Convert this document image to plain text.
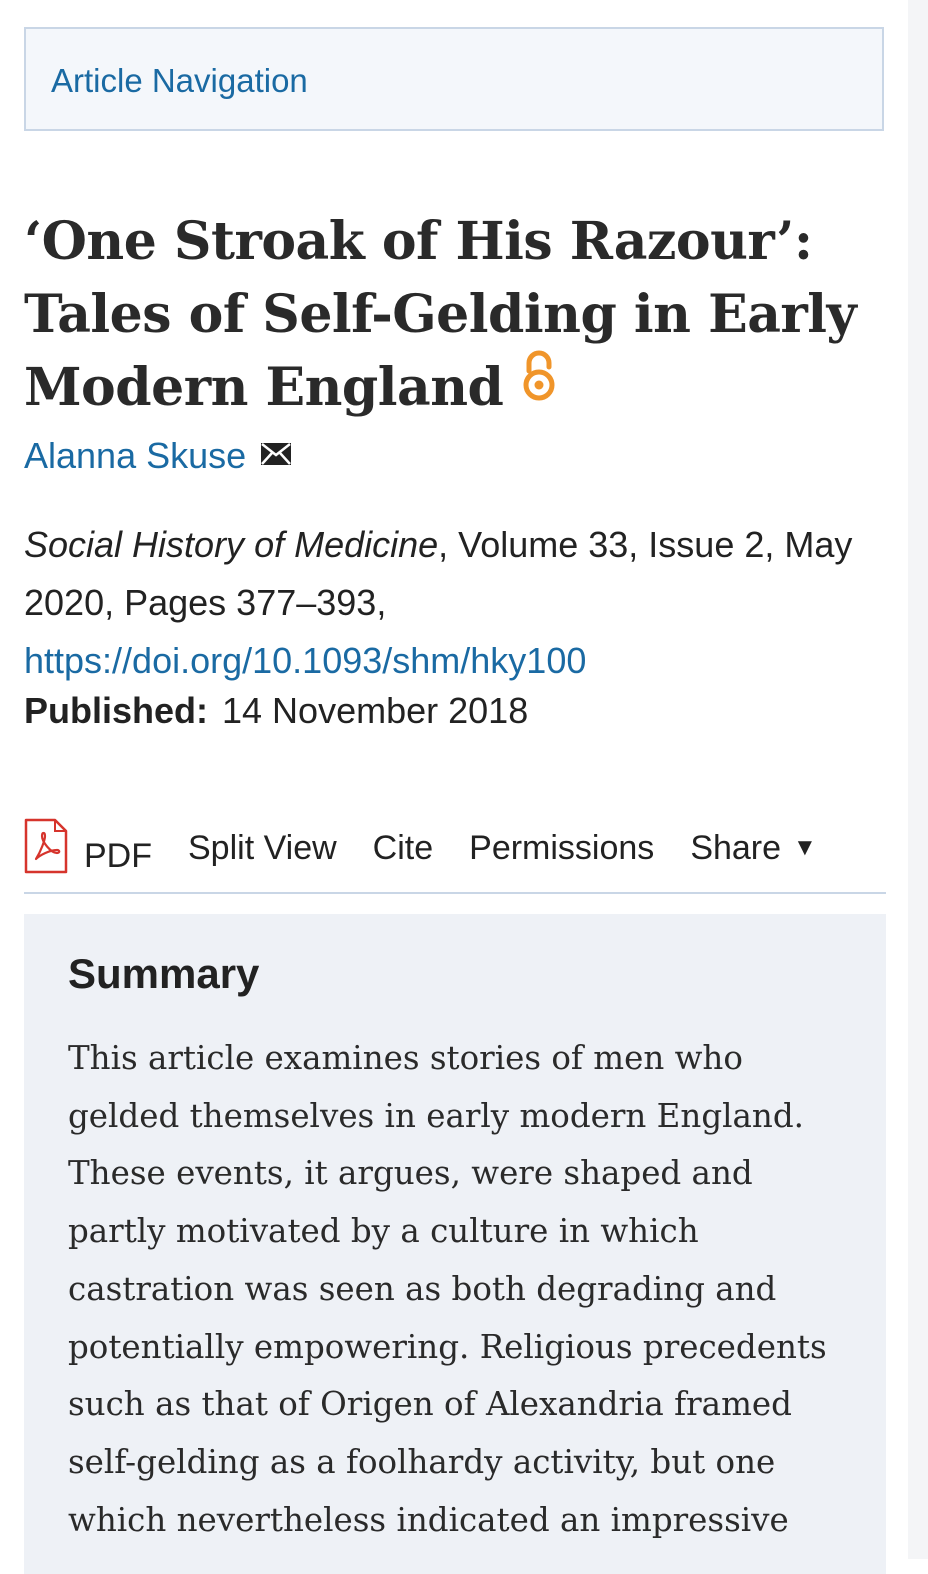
Article Navigation
‘One Stroak of His Razour’: Tales of Self-Gelding in Early Modern England
Alanna Skuse
Social History of Medicine, Volume 33, Issue 2, May 2020, Pages 377–393,
https://doi.org/10.1093/shm/hky100
Published: 14 November 2018
PDF Split View Cite Permissions Share ▼
Summary

This article examines stories of men who gelded themselves in early modern England. These events, it argues, were shaped and partly motivated by a culture in which castration was seen as both degrading and potentially empowering. Religious precedents such as that of Origen of Alexandria framed self-gelding as a foolhardy activity, but one which nevertheless indicated an impressive
